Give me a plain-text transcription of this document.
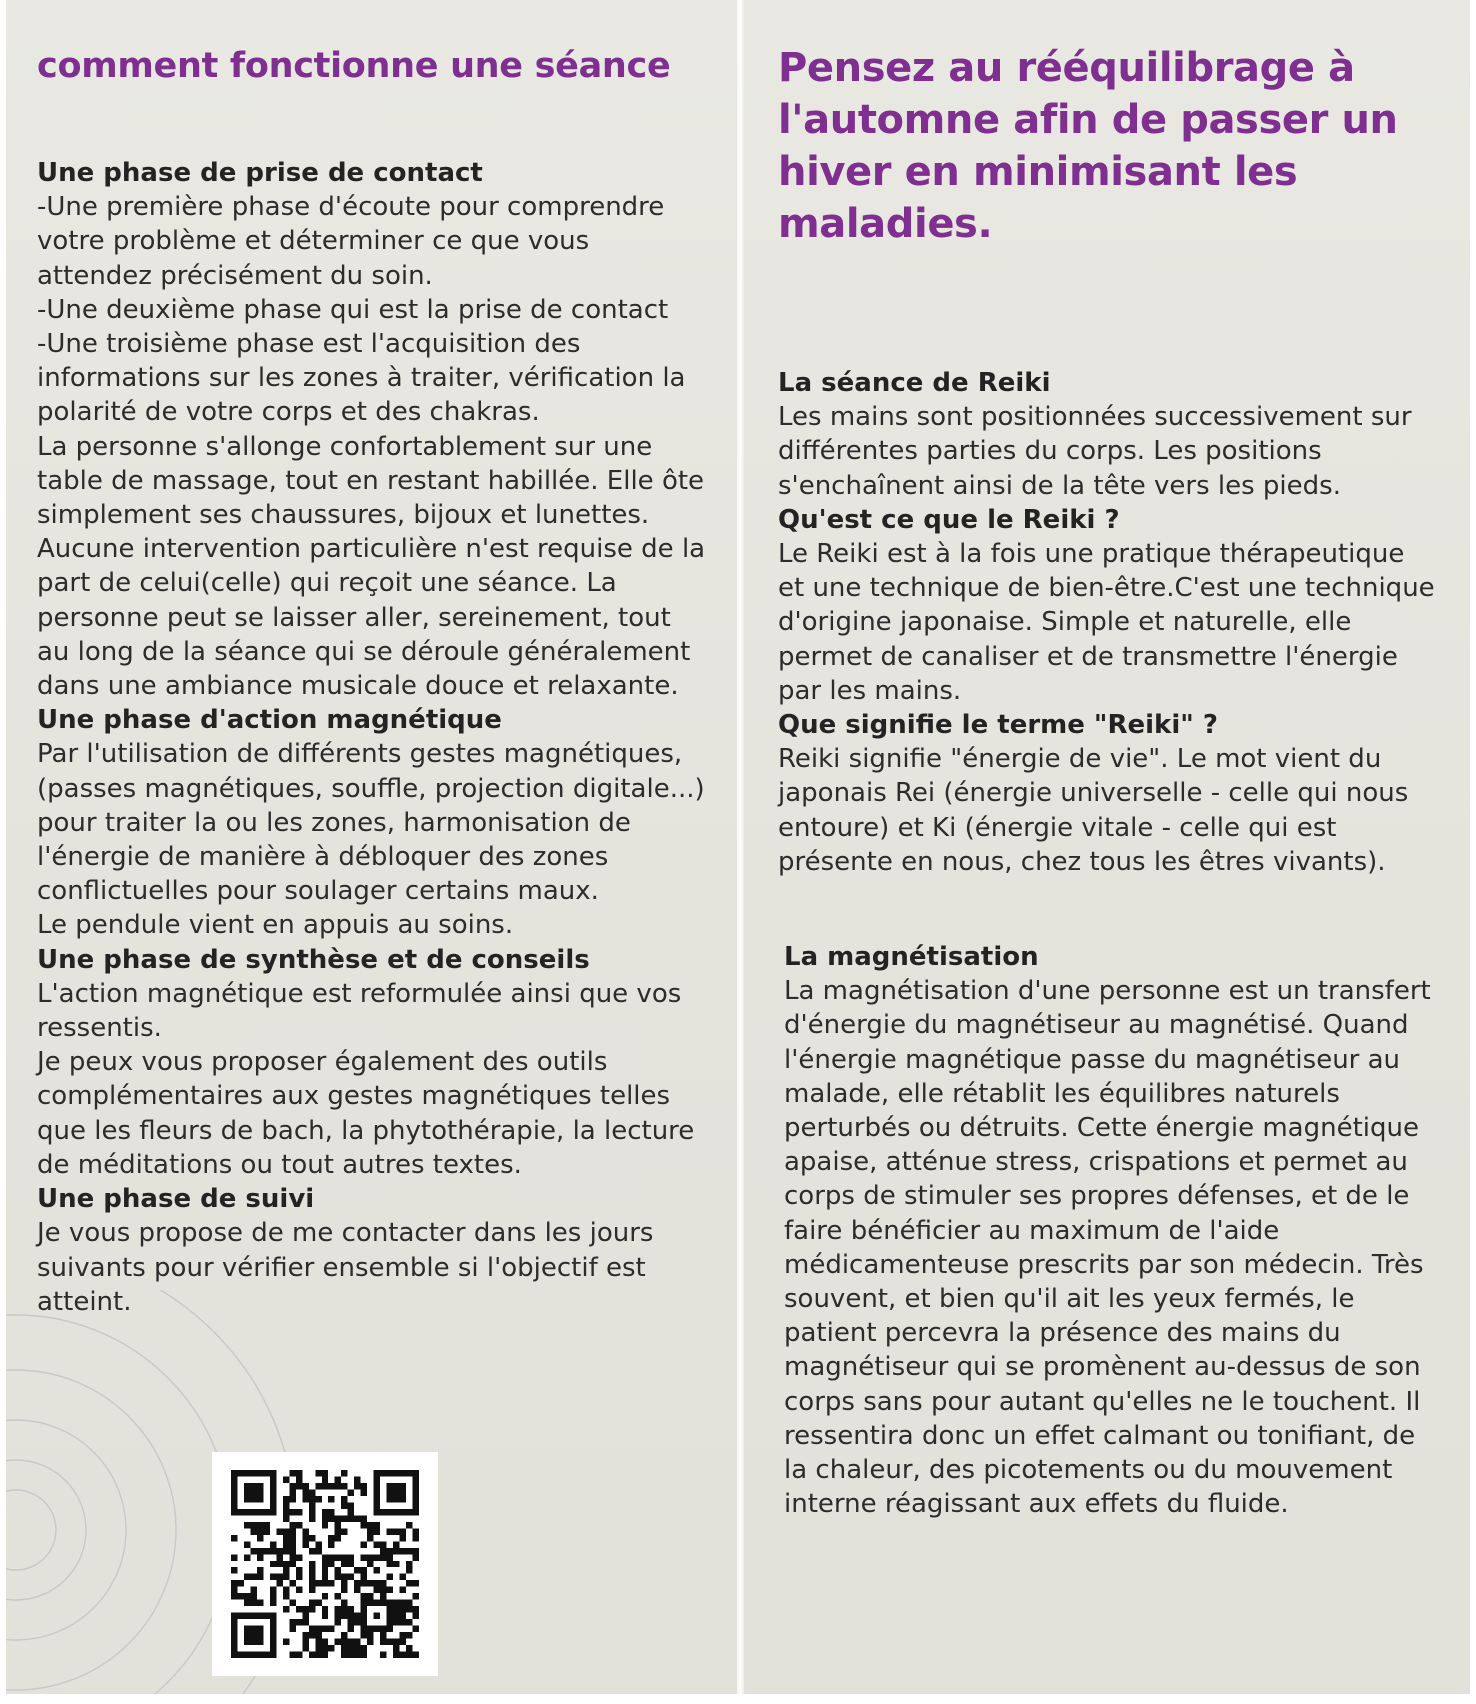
comment fonctionne une séance

Une phase de prise de contact

-Une première phase d'écoute pour comprendre votre problème et déterminer ce que vous attendez précisément du soin.

-Une deuxième phase qui est la prise de contact

-Une troisième phase est l'acquisition des informations sur les zones à traiter, vérification la polarité de votre corps et des chakras.

La personne s'allonge confortablement sur une table de massage, tout en restant habillée. Elle ôte simplement ses chaussures, bijoux et lunettes.

Aucune intervention particulière n'est requise de la part de celui(celle) qui reçoit une séance. La personne peut se laisser aller, sereinement, tout au long de la séance qui se déroule généralement dans une ambiance musicale douce et relaxante.

Une phase d'action magnétique

Par l'utilisation de différents gestes magnétiques, (passes magnétiques, souffle, projection digitale...) pour traiter la ou les zones, harmonisation de l'énergie de manière à débloquer des zones conflictuelles pour soulager certains maux.

Le pendule vient en appuis au soins.

Une phase de synthèse et de conseils

L'action magnétique est reformulée ainsi que vos ressentis.

Je peux vous proposer également des outils complémentaires aux gestes magnétiques telles que les fleurs de bach, la phytothérapie, la lecture de méditations ou tout autres textes.

Une phase de suivi

Je vous propose de me contacter dans les jours suivants pour vérifier ensemble si l'objectif est atteint.

Pensez au rééquilibrage à l'automne afin de passer un hiver en minimisant les maladies.

La séance de Reiki

Les mains sont positionnées successivement sur différentes parties du corps. Les positions s'enchaînent ainsi de la tête vers les pieds.

Qu'est ce que le Reiki ?

Le Reiki est à la fois une pratique thérapeutique et une technique de bien-être.C'est une technique d'origine japonaise. Simple et naturelle, elle permet de canaliser et de transmettre l'énergie par les mains.

Que signifie le terme "Reiki" ?

Reiki signifie "énergie de vie". Le mot vient du japonais Rei (énergie universelle - celle qui nous entoure) et Ki (énergie vitale - celle qui est présente en nous, chez tous les êtres vivants).

La magnétisation

La magnétisation d'une personne est un transfert d'énergie du magnétiseur au magnétisé. Quand l'énergie magnétique passe du magnétiseur au malade, elle rétablit les équilibres naturels perturbés ou détruits. Cette énergie magnétique apaise, atténue stress, crispations et permet au corps de stimuler ses propres défenses, et de le faire bénéficier au maximum de l'aide médicamenteuse prescrits par son médecin. Très souvent, et bien qu'il ait les yeux fermés, le patient percevra la présence des mains du magnétiseur qui se promènent au-dessus de son corps sans pour autant qu'elles ne le touchent. Il ressentira donc un effet calmant ou tonifiant, de la chaleur, des picotements ou du mouvement interne réagissant aux effets du fluide.
